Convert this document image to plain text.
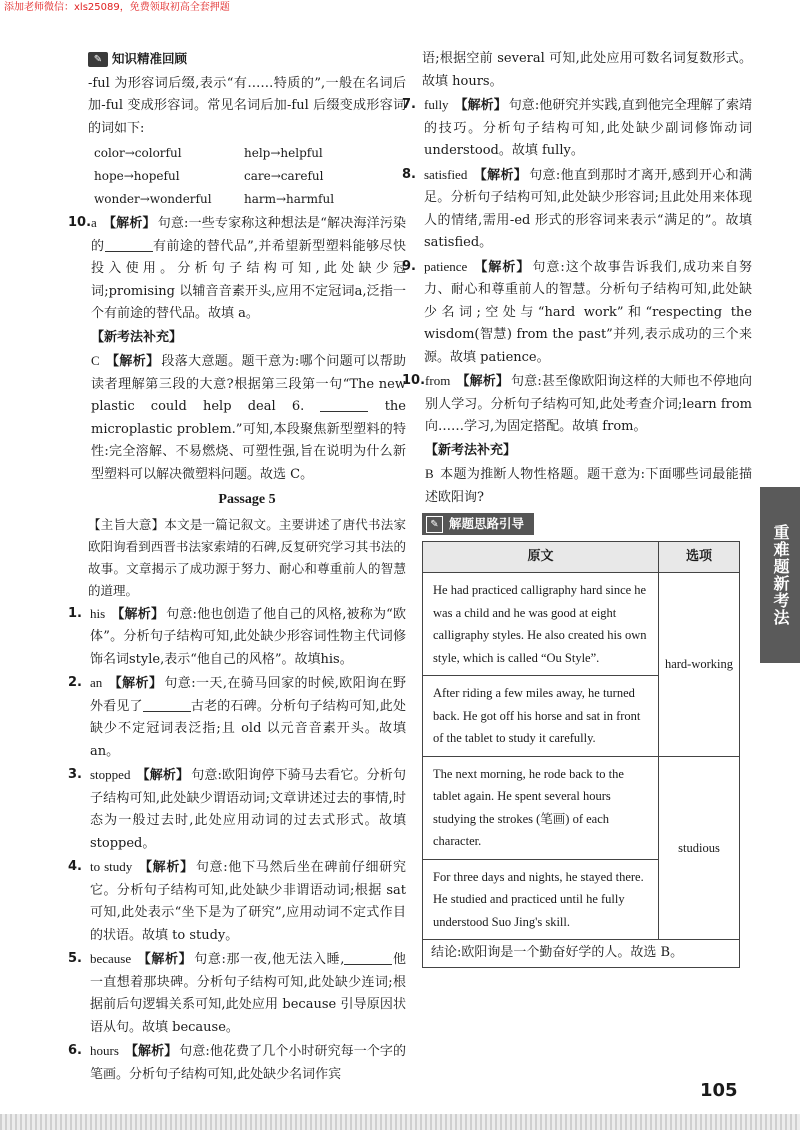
添加老师微信：xls25089，免费领取初高全套押题
✎ 知识精准回顾

-ful 为形容词后缀,表示“有……特质的”,一般在名词后加-ful 变成形容词。常见名词后加-ful 后缀变成形容词的词如下:

color→colorful	help→helpful
hope→hopeful	care→careful
wonder→wonderful	harm→harmful
10. a 【解析】 句意:一些专家称这种想法是“解决海洋污染的	有前途的替代品”,并希望新型塑料能够尽快投入使用。分析句子结构可知,此处缺少冠词;promising 以辅音音素开头,应用不定冠词a,泛指一个有前途的替代品。故填 a。
【新考法补充】

C 【解析】 段落大意题。题干意为:哪个问题可以帮助读者理解第三段的大意?根据第三段第一句“The new plastic could help deal 6.	the microplastic problem.”可知,本段聚焦新型塑料的特性:完全溶解、不易燃烧、可塑性强,旨在说明为什么新型塑料可以解决微塑料问题。故选 C。

Passage 5

【主旨大意】本文是一篇记叙文。主要讲述了唐代书法家欧阳询看到西晋书法家索靖的石碑,反复研究学习其书法的故事。文章揭示了成功源于努力、耐心和尊重前人的智慧的道理。

1. his 【解析】 句意:他也创造了他自己的风格,被称为“欧体”。分析句子结构可知,此处缺少形容词性物主代词修饰名词style,表示“他自己的风格”。故填his。
2. an 【解析】 句意:一天,在骑马回家的时候,欧阳询在野外看见了	古老的石碑。分析句子结构可知,此处缺少不定冠词表泛指;且 old 以元音音素开头。故填 an。
3. stopped 【解析】 句意:欧阳询停下骑马去看它。分析句子结构可知,此处缺少谓语动词;文章讲述过去的事情,时态为一般过去时,此处应用动词的过去式形式。故填 stopped。
4. to study 【解析】 句意:他下马然后坐在碑前仔细研究它。分析句子结构可知,此处缺少非谓语动词;根据 sat 可知,此处表示“坐下是为了研究”,应用动词不定式作目的状语。故填 to study。
5. because 【解析】 句意:那一夜,他无法入睡,	他一直想着那块碑。分析句子结构可知,此处缺少连词;根据前后句逻辑关系可知,此处应用 because 引导原因状语从句。故填 because。
6. hours 【解析】 句意:他花费了几个小时研究每一个字的笔画。分析句子结构可知,此处缺少名词作宾

语;根据空前 several 可知,此处应用可数名词复数形式。故填 hours。

7. fully 【解析】 句意:他研究并实践,直到他完全理解了索靖的技巧。分析句子结构可知,此处缺少副词修饰动词 understood。故填 fully。
8. satisfied 【解析】 句意:他直到那时才离开,感到开心和满足。分析句子结构可知,此处缺少形容词;且此处用来体现人的情绪,需用-ed 形式的形容词来表示“满足的”。故填 satisfied。
9. patience 【解析】 句意:这个故事告诉我们,成功来自努力、耐心和尊重前人的智慧。分析句子结构可知,此处缺少名词;空处与“hard work”和“respecting the wisdom(智慧) from the past”并列,表示成功的三个来源。故填 patience。
10. from 【解析】 句意:甚至像欧阳询这样的大师也不停地向别人学习。分析句子结构可知,此处考查介词;learn from 向……学习,为固定搭配。故填 from。
【新考法补充】

B 本题为推断人物性格题。题干意为:下面哪些词最能描述欧阳询?

✎ 解题思路引导
原文	选项
He had practiced calligraphy hard since he was a child and he was good at eight calligraphy styles. He also created his own style, which is called “Ou Style”.	hard-working
After riding a few miles away, he turned back. He got off his horse and sat in front of the tablet to study it carefully.	
The next morning, he rode back to the tablet again. He spent several hours studying the strokes (笔画) of each character.	studious
For three days and nights, he stayed there. He studied and practiced until he fully understood Suo Jing's skill.	
结论:欧阳询是一个勤奋好学的人。故选 B。	
重难题新考法
105
